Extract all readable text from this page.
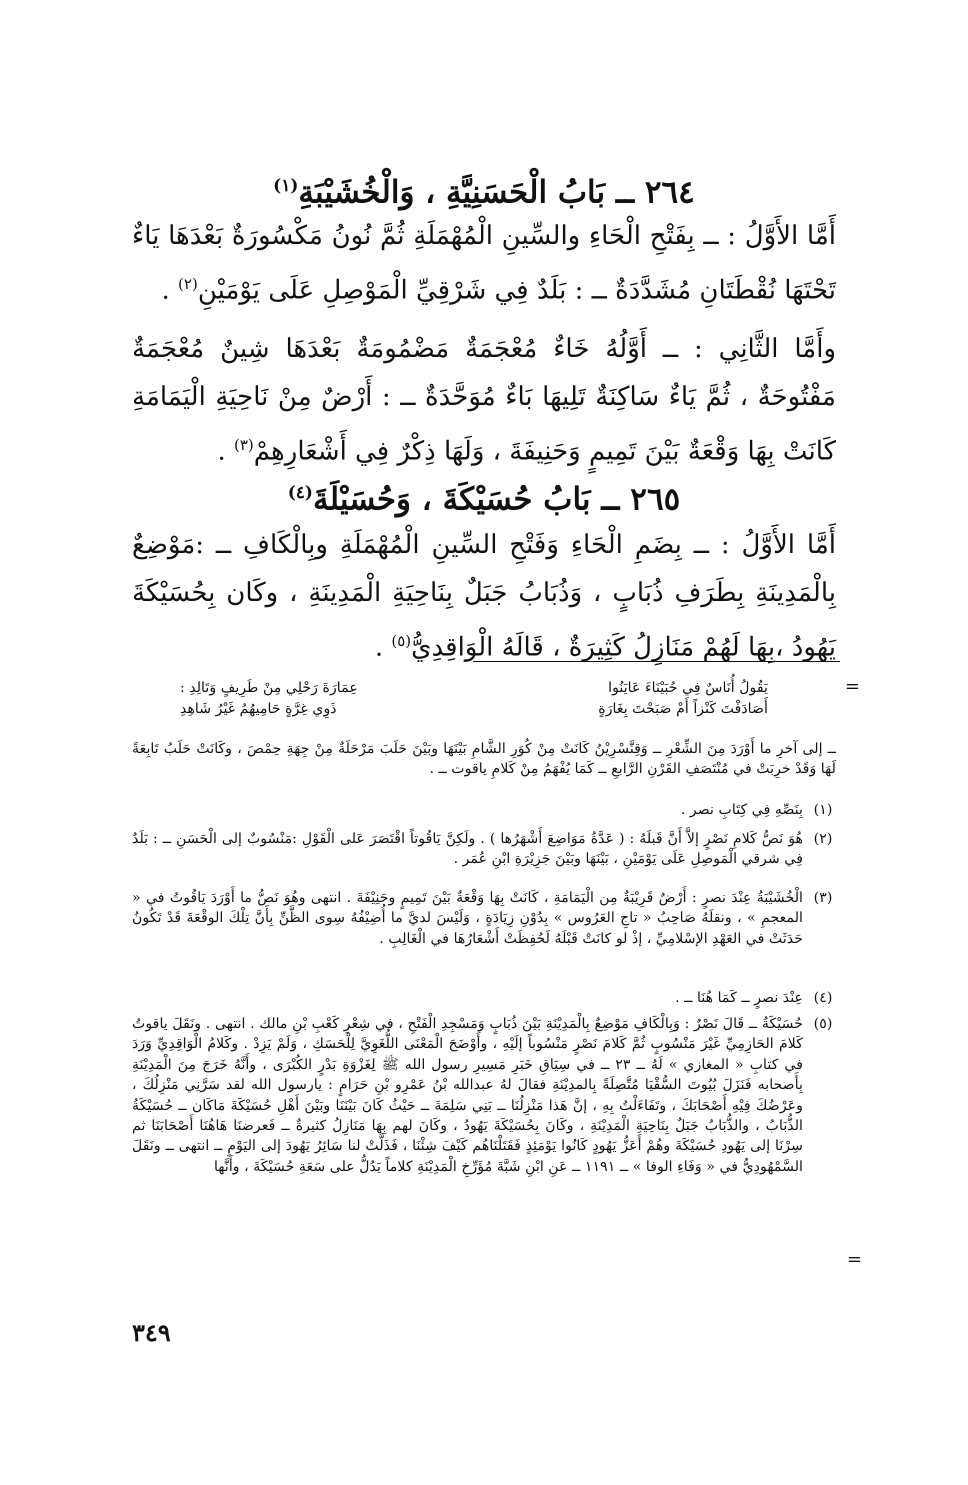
٢٦٤ ــ بَابُ الْحَسَنِيَّةِ ، وَالْخُشَيْبَةِ$^{(١)}$
أَمَّا الأَوَّلُ : ــ بِفَتْحِ الْحَاءِ والسِّينِ الْمُهْمَلَةِ ثُمَّ نُونُ مَكْسُورَةٌ بَعْدَهَا يَاءٌ تَحْتَهَا نُقْطَتَانِ مُشَدَّدَةٌ ــ : بَلَدٌ فِي شَرْقِيِّ الْمَوْصِلِ عَلَى يَوْمَيْنِ$^{(٢)}$ .
وأَمَّا الثَّانِي : ــ أَوَّلُهُ خَاءٌ مُعْجَمَةٌ مَضْمُومَةٌ بَعْدَهَا شِينٌ مُعْجَمَةٌ مَفْتُوحَةٌ ، ثُمَّ يَاءٌ سَاكِنَةٌ تَلِيهَا بَاءٌ مُوَحَّدَةٌ ــ : أَرْضٌ مِنْ نَاحِيَةِ الْيَمَامَةِ كَانَتْ بِهَا وَقْعَةٌ بَيْنَ تَمِيمٍ وَحَنِيفَةَ ، وَلَهَا ذِكْرٌ فِي أَشْعَارِهِمْ$^{(٣)}$ .
٢٦٥ ــ بَابُ حُسَيْكَةَ ، وَحُسَيْلَةَ$^{(٤)}$
أَمَّا الأَوَّلُ : ــ بِضَمِ الْحَاءِ وَفَتْحِ السِّينِ الْمُهْمَلَةِ وبِالْكَافِ ــ :مَوْضِعٌ بِالْمَدِينَةِ بِطَرَفِ ذُبَابٍ ، وَذُبَابُ جَبَلٌ بِنَاحِيَةِ الْمَدِينَةِ ، وكَان بِحُسَيْكَةَ يَهُودُ ،بِهَا لَهُمْ مَنَازِلُ كَثِيرَةٌ ، قَالَهُ الْوَاقِدِيُّ$^{(٥)}$ .
=
يَقُولُ أُنَاسٌ فِي حُبَيْنَاءَ عَايَنُوا
عِمَارَةَ رَحْلِي مِنْ طَرِيفٍ وَتَالِدِ :
أَصَادَفْتَ كَنْزاً أَمْ صَبَحْتَ بِغَارَةٍ
ذَوِي غِرَّةٍ حَامِيهُمُ غَيْرُ شَاهِدِ
ــ إلى آخرِ ما أَوْرَدَ مِنَ الشِّعْرِ ــ وَقِنَّسْرِيْنُ كَانَتْ مِنْ كُوَرِ الشَّامِ بَيْنَهَا وبَيْنَ حَلَبَ مَرْحَلَةٌ مِنْ جِهَةِ حِمْصَ ، وكَانَتْ حَلَبُ تَابِعَةً لَهَا وَقَدْ خرِبَتْ في مُنْتَصَفِ القَرْنِ الرَّابعِ ــ كَمَا يُفْهَمُ مِنْ كَلامِ ياقوت ــ .
(١)
بِنَصِّهِ فِي كِتَابِ نصر .
(٢)
هُوَ نَصُّ كَلامِ نَصْرٍ إلاَّ أَنَّ قَبلَهُ : ( عَدَّةُ مَوَاضِعَ أَشْهَرُها ) . ولَكِنَّ يَاقُوتاً اقْتَصَرَ عَلى الْقَوْلِ :مَنْسُوبٌ إلى الْحَسَنِ ــ : بَلَدٌ فِي شرقي الْمَوصِلِ عَلَى يَوْمَيْنِ ، بَيْنَهَا وبَيْنَ جَزِيْرَةِ ابْنِ عُمَر .
(٣)
الْخُشَيْبَةُ عِنْدَ نصرٍ : أَرْضٌ قَرِيْبَةٌ مِن الْيَمَامَةِ ، كَانَتْ بِهَا وَقْعَةٌ بَيْنَ تَمِيمٍ وحَنِيْفَةَ . انتهى وهُوَ نَصُّ ما أَوْرَدَ يَاقُوتُ في « المعجمِ » ، ونقلَهُ صَاحِبُ « تاجِ العَرُوس » بِدُوْنِ زِيَادَةٍ ، وَلَيْسَ لديَّ ما أُضِيْفُهُ سِوى الظَّنِّ بِأَنَّ تِلْكَ الوقْعَةَ قَدْ تَكُونُ حَدَثَتْ في العَهْدِ الإسْلامِيِّ ، إذْ لو كانَتْ قَبْلَهُ لَحُفِظَتْ أَشْعَارُهَا في الْغَالِبِ .
(٤)
عِنْدَ نصرٍ ــ كَمَا هُنَا ــ .
(٥)
حُسَيْكَةُ ــ قَالَ نَصْرٌ : وَبِالْكَافِ مَوْضِعٌ بِالْمَدِيْنَةِ بَيْنَ ذُبَابٍ وَمَسْجِدِ الْفَتْحِ ، في شِعْرِ كَعْبِ بْنِ مالك . انتهى . ونَقَلَ ياقوتُ كَلامَ الحَازِمِيِّ غَيْرَ مَنْسُوبٍ ثُمَّ كَلامَ نَصْرٍ مَنْسُوباً إلَيْهِ ، وأَوْضَحَ الْمَعْنَى اللُّغَوِيَّ لِلْحَسَكِ ، وَلَمْ يَزِدْ . وكَلامُ الْوَاقِدِيِّ وَرَدَ في كتابِ « المغازي » لَهُ ــ ٢٣ ــ في سِيَاقِ خَبَرِ مَسِيرِ رسول الله ﷺ لِغَزْوَةِ بَدْرٍ الكُبْرَى ، وأَنَّهُ خَرَجَ مِنَ الْمَدِيْنَةِ بِأَصحابه فَنَزَلَ بُيُوتَ السُّقْيَا مُتَّصِلَةً بِالمدِيْنَةِ فقالَ لهُ عبدالله بْنُ عَمْرِو بْنِ حَرَامٍ : يارسول الله لقد سَرَّنِي مَنْزِلُكَ ، وعَرْضُكَ فِيْهِ أَصْحَابَكَ ، وتَفَاءَلْتُ بِهِ ، إنَّ هَذا مَنْزِلُنَا ــ بَنِي سَلِمَةَ ــ حَيْثُ كَانَ بَيْنَنَا وبَيْنَ أَهْلِ حُسَيْكَةَ مَاكَان ــ حُسَيْكَةُ الذُّبَابُ ، والذُّبَابُ جَبَلٌ بِنَاحِيَةِ الْمَدِيْنَةِ ، وكَانَ بِحُسَيْكَةَ يَهُودُ ، وكَانَ لهم بِهَا مَنَازِلُ كثيرةٌ ــ فَعرضنَا هَاهُنَا أَصْحَابَنَا ثم سِرْنَا إلى يَهُودِ حُسَيْكَةَ وهُمْ أَعَزُّ يَهُودٍ كَانُوا يَوْمَئِذٍ فَقَتَلْنَاهُم كَيْفَ شِئْنَا ، فَذَلَّتْ لنا سَائِرُ يَهُودَ إلى اليَوْمِ ــ انتهى ــ ونَقَلَ السَّمْهُودِيُّ في « وَفَاءِ الوفا » ــ ١١٩١ ــ عَنِ ابْنِ شَبَّةَ مُؤَرِّخِ الْمَدِيْنَةِ كلاماً يَدُلُّ على سَعَةِ حُسَيْكَةَ ، وأَنَّها
=
٣٤٩
